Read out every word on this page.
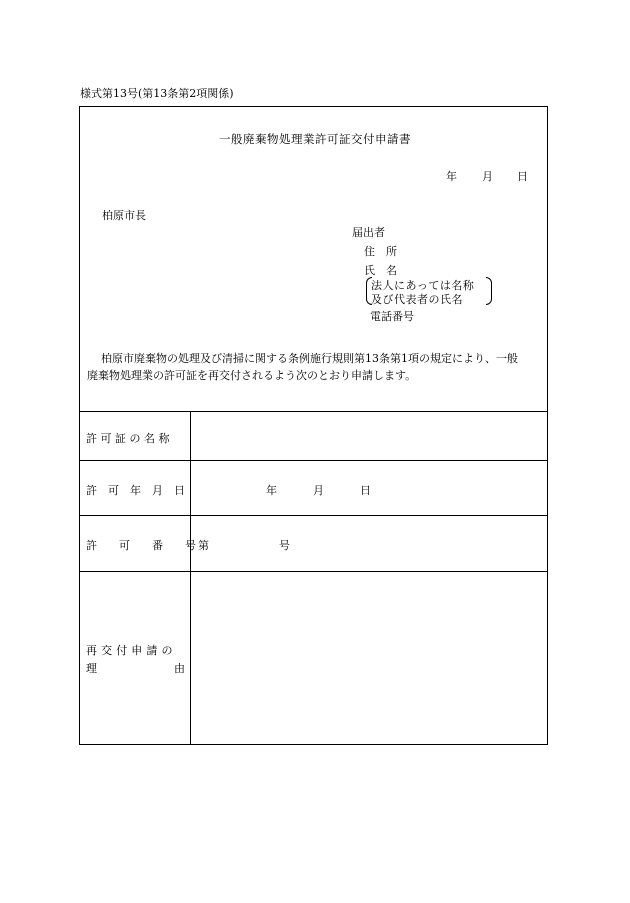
様式第13号(第13条第2項関係)
一般廃棄物処理業許可証交付申請書
年 月 日
柏原市長
届出者
住　所
氏　名
法人にあっては名称
及び代表者の氏名
電話番号
柏原市廃棄物の処理及び清掃に関する条例施行規則第13条第1項の規定により、一般
廃棄物処理業の許可証を再交付されるよう次のとおり申請します。
許 可 証 の 名 称
許　可　年　月　日	年	月	日
許　　可　　番　　号 第	号
再 交 付 申 請 の
理	由
